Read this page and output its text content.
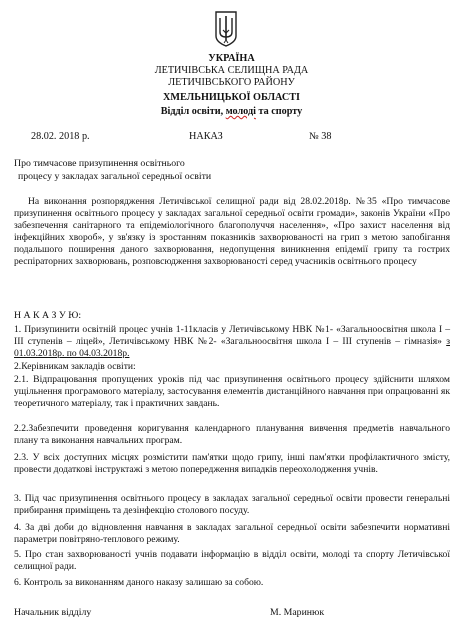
УКРАЇНА
ЛЕТИЧІВСЬКА СЕЛИЩНА РАДА
ЛЕТИЧІВСЬКОГО РАЙОНУ
ХМЕЛЬНИЦЬКОЇ ОБЛАСТІ
Відділ освіти, молоді та спорту
28.02. 2018 р.	НАКАЗ	№ 38
Про тимчасове призупинення освітнього
процесу у закладах загальної середньої освіти
На виконання розпорядження Летичівської селищної ради від 28.02.2018р. №35 «Про тимчасове призупинення освітнього процесу у закладах загальної середньої освіти громади», законів України «Про забезпечення санітарного та епідеміологічного благополуччя населення», «Про захист населення від інфекційних хвороб», у зв'язку із зростанням показників захворюваності на грип з метою запобігання подальшого поширення даного захворювання, недопущення виникнення епідемії грипу та гострих респіраторних захворювань, розповсюдження захворюваності серед учасників освітнього процесу
Н А К А З У Ю:
1. Призупинити освітній процес учнів 1-11класів у Летичівському НВК №1- «Загальноосвітня школа І – ІІІ ступенів – ліцей», Летичівському НВК №2- «Загальноосвітня школа І – ІІІ ступенів – гімназія» з 01.03.2018р. по 04.03.2018р.
2.Керівникам закладів освіти:
2.1. Відпрацювання пропущених уроків під час призупинення освітнього процесу здійснити шляхом ущільнення програмового матеріалу, застосування елементів дистанційного навчання при опрацюванні як теоретичного матеріалу, так і практичних завдань.
2.2.Забезпечити проведення коригування календарного планування вивчення предметів навчального плану та виконання навчальних програм.
2.3. У всіх доступних місцях розмістити пам'ятки щодо грипу, інші пам'ятки профілактичного змісту, провести додаткові інструктажі з метою попередження випадків переохолодження учнів.
3. Під час призупинення освітнього процесу в закладах загальної середньої освіти провести генеральні прибирання приміщень та дезінфекцію столового посуду.
4. За дві доби до відновлення навчання в закладах загальної середньої освіти забезпечити нормативні параметри повітряно-теплового режиму.
5. Про стан захворюваності учнів подавати інформацію в відділ освіти, молоді та спорту Летичівської селищної ради.
6. Контроль за виконанням даного наказу залишаю за собою.
Начальник відділу	М. Маринюк
